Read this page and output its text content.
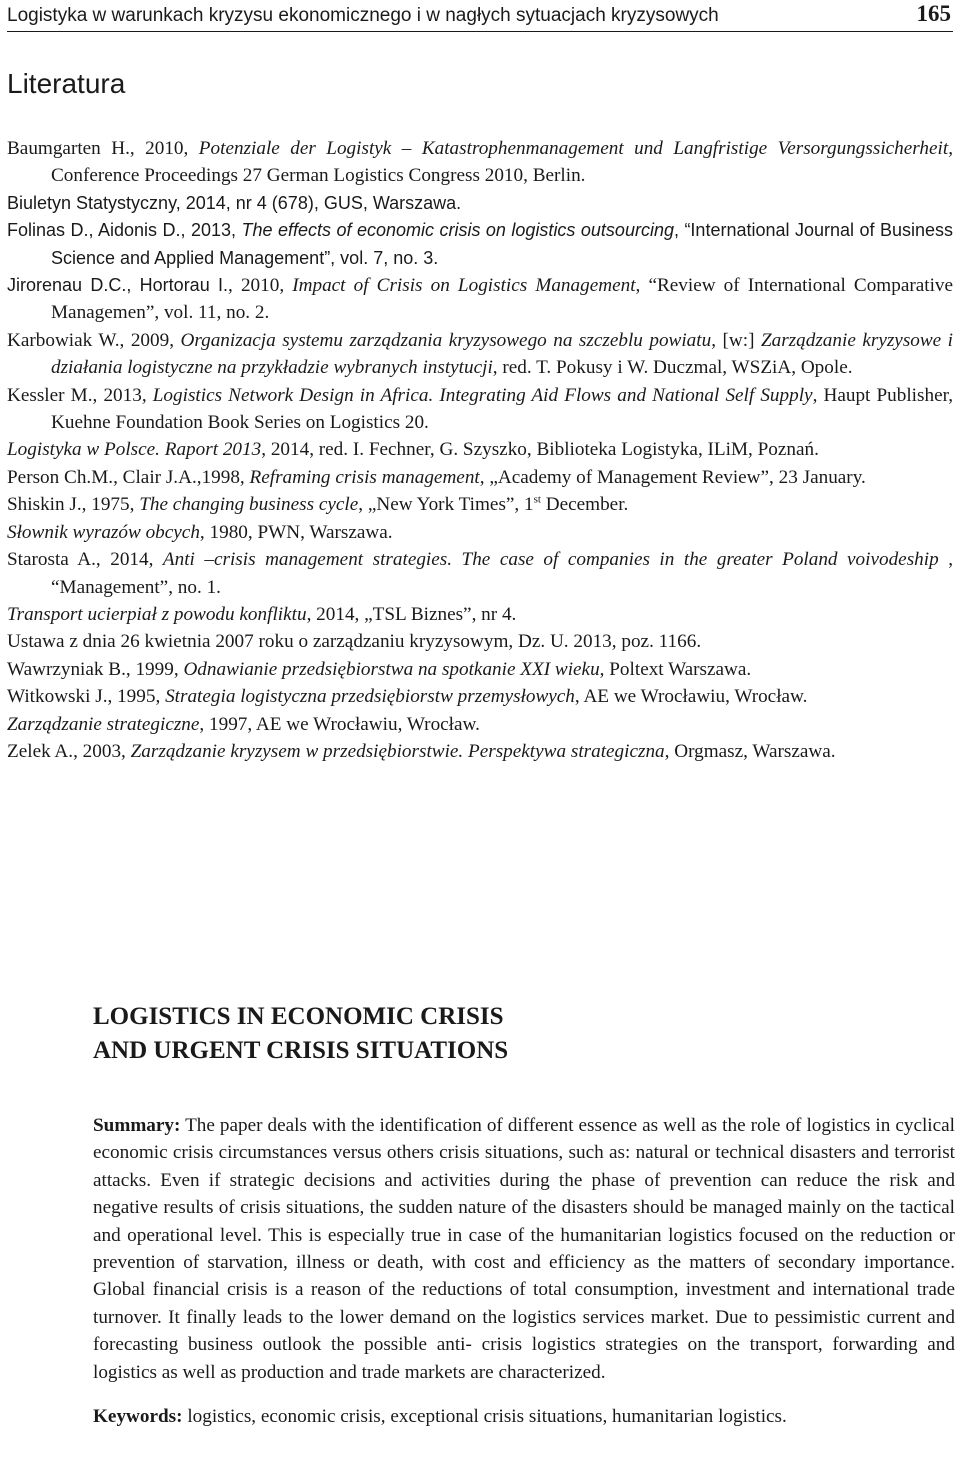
Logistyka w warunkach kryzysu ekonomicznego i w nagłych sytuacjach kryzysowych	165
Literatura

Baumgarten H., 2010, Potenziale der Logistyk – Katastrophenmanagement und Langfristige Versorgungssicherheit, Conference Proceedings 27 German Logistics Congress 2010, Berlin.

Biuletyn Statystyczny, 2014, nr 4 (678), GUS, Warszawa.

Folinas D., Aidonis D., 2013, The effects of economic crisis on logistics outsourcing, “International Journal of Business Science and Applied Management”, vol. 7, no. 3.

Jirorenau D.C., Hortorau I., 2010, Impact of Crisis on Logistics Management, “Review of International Comparative Managemen”, vol. 11, no. 2.

Karbowiak W., 2009, Organizacja systemu zarządzania kryzysowego na szczeblu powiatu, [w:] Zarządzanie kryzysowe i działania logistyczne na przykładzie wybranych instytucji, red. T. Pokusy i W. Duczmal, WSZiA, Opole.

Kessler M., 2013, Logistics Network Design in Africa. Integrating Aid Flows and National Self Supply, Haupt Publisher, Kuehne Foundation Book Series on Logistics 20.

Logistyka w Polsce. Raport 2013, 2014, red. I. Fechner, G. Szyszko, Biblioteka Logistyka, ILiM, Poznań.

Person Ch.M., Clair J.A.,1998, Reframing crisis management, „Academy of Management Review”, 23 January.

Shiskin J., 1975, The changing business cycle, „New York Times”, 1st December.

Słownik wyrazów obcych, 1980, PWN, Warszawa.

Starosta A., 2014, Anti –crisis management strategies. The case of companies in the greater Poland voivodeship , “Management”, no. 1.

Transport ucierpiał z powodu konfliktu, 2014, „TSL Biznes”, nr 4.

Ustawa z dnia 26 kwietnia 2007 roku o zarządzaniu kryzysowym, Dz. U. 2013, poz. 1166.

Wawrzyniak B., 1999, Odnawianie przedsiębiorstwa na spotkanie XXI wieku, Poltext Warszawa.

Witkowski J., 1995, Strategia logistyczna przedsiębiorstw przemysłowych, AE we Wrocławiu, Wrocław.

Zarządzanie strategiczne, 1997, AE we Wrocławiu, Wrocław.

Zelek A., 2003, Zarządzanie kryzysem w przedsiębiorstwie. Perspektywa strategiczna, Orgmasz, Warszawa.

LOGISTICS IN ECONOMIC CRISIS
AND URGENT CRISIS SITUATIONS

Summary: The paper deals with the identification of different essence as well as the role of logistics in cyclical economic crisis circumstances versus others crisis situations, such as: natural or technical disasters and terrorist attacks. Even if strategic decisions and activities during the phase of prevention can reduce the risk and negative results of crisis situations, the sudden nature of the disasters should be managed mainly on the tactical and operational level. This is especially true in case of the humanitarian logistics focused on the reduction or prevention of starvation, illness or death, with cost and efficiency as the matters of secondary importance. Global financial crisis is a reason of the reductions of total consumption, investment and international trade turnover. It finally leads to the lower demand on the logistics services market. Due to pessimistic current and forecasting business outlook the possible anti- crisis logistics strategies on the transport, forwarding and logistics as well as production and trade markets are characterized.

Keywords: logistics, economic crisis, exceptional crisis situations, humanitarian logistics.
